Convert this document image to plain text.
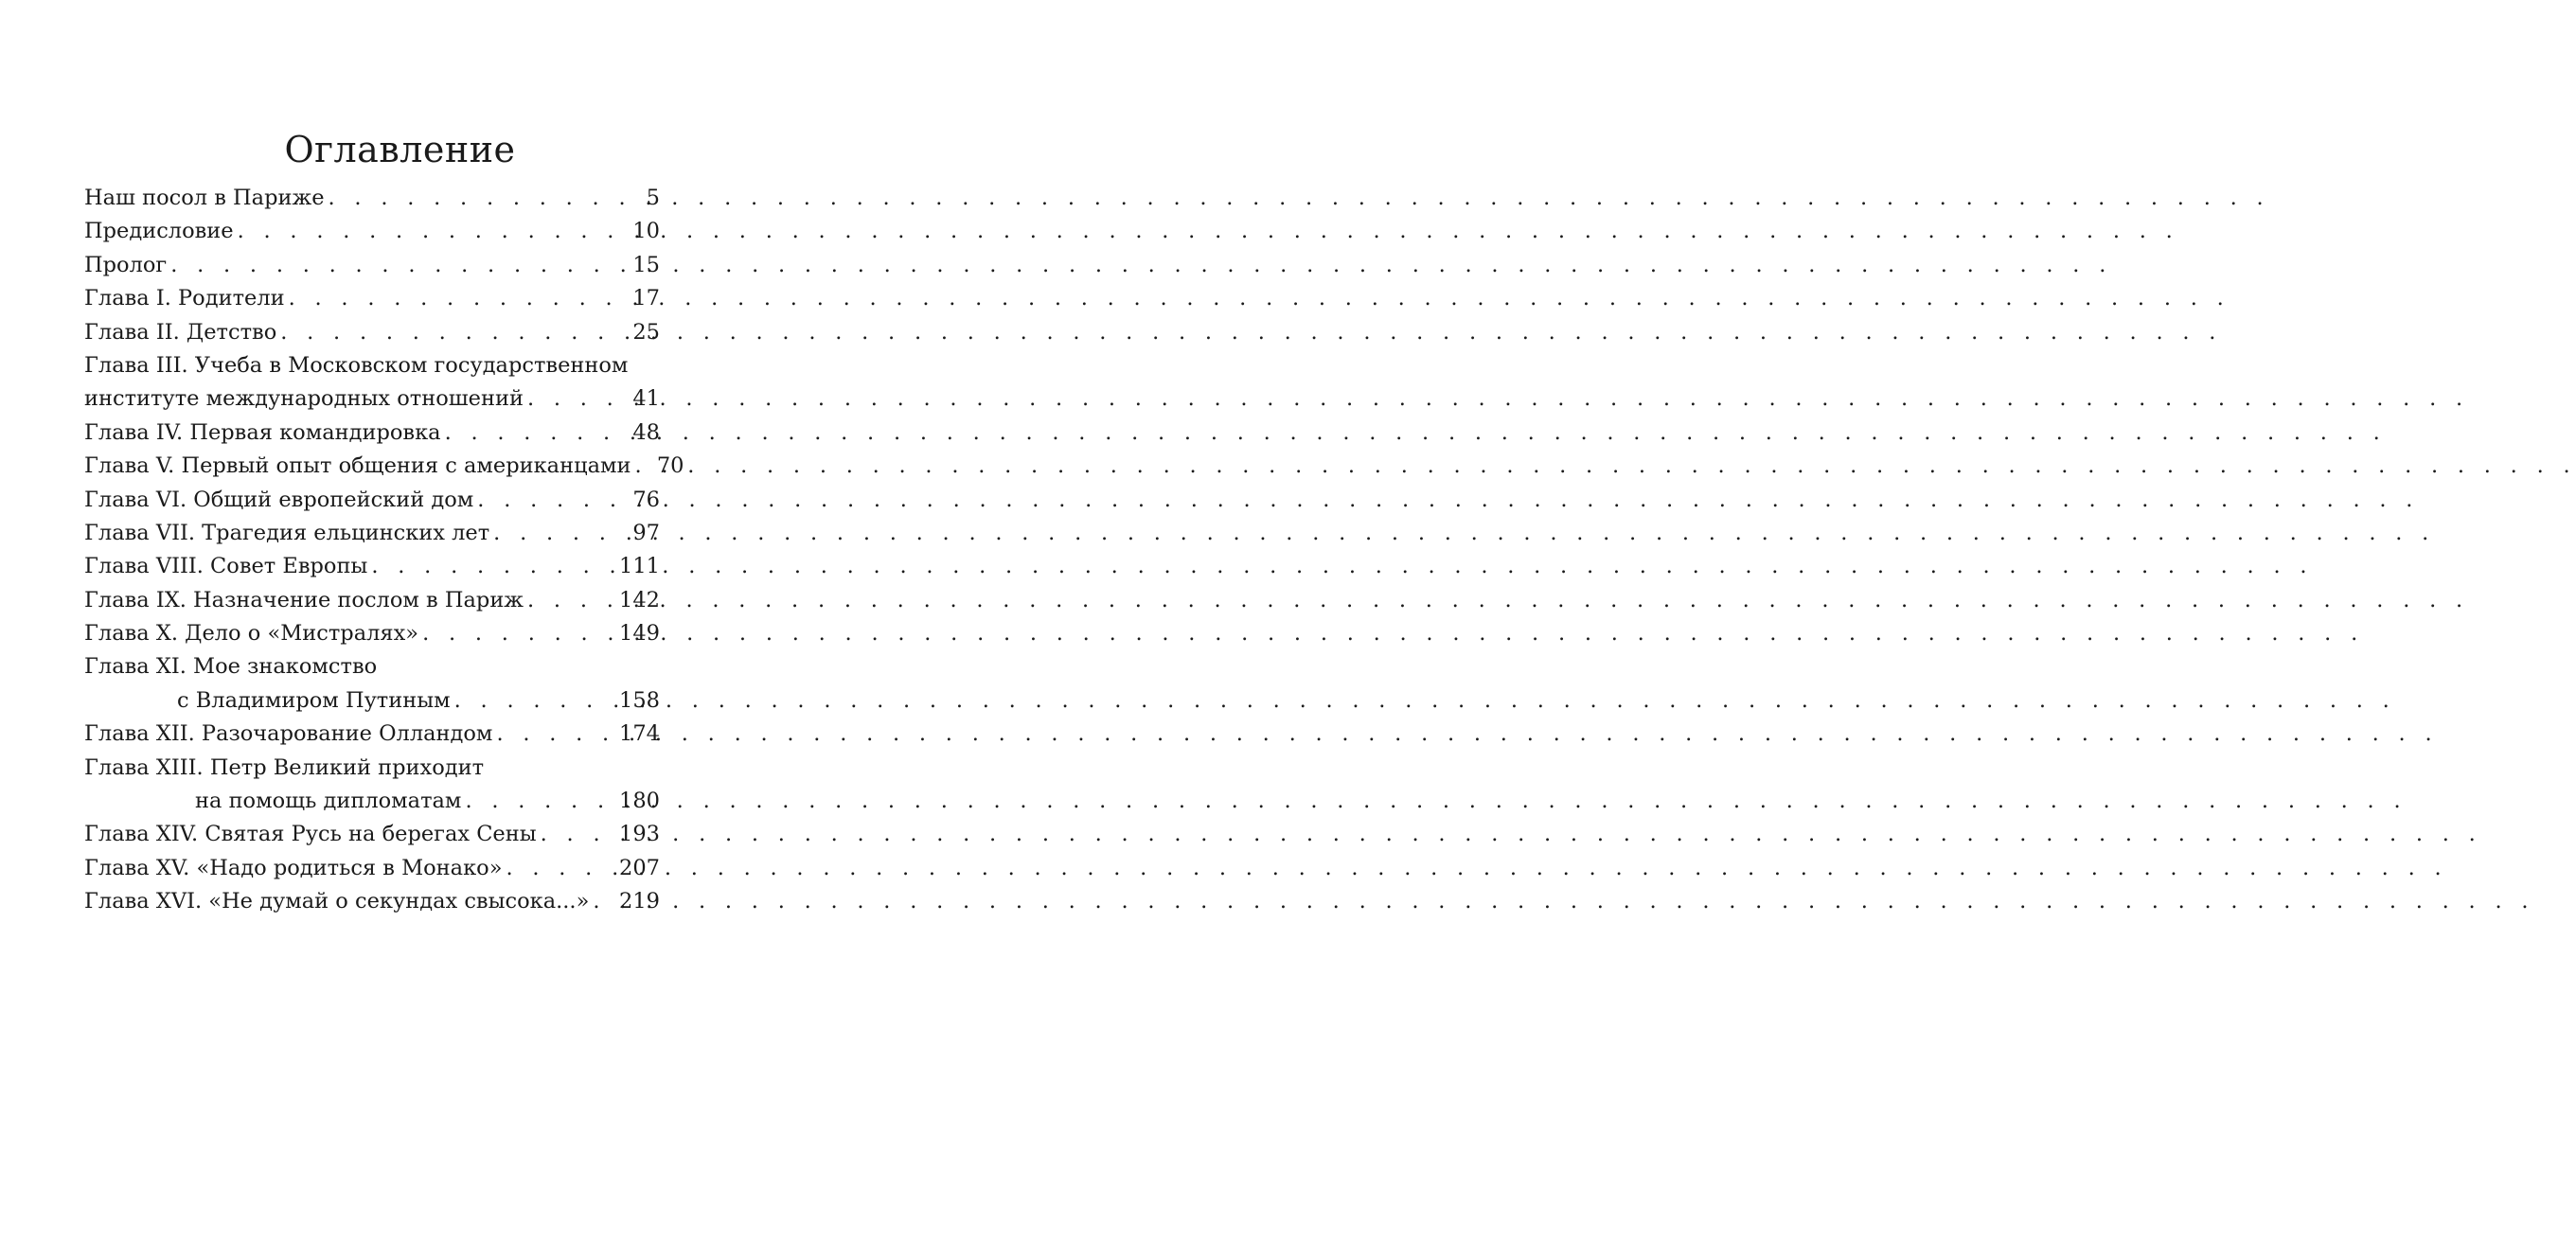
Оглавление
Наш посол в Париже . . .	5
Предисловие . . .	10
Пролог . . .	15
Глава I. Родители . . .	17
Глава II. Детство . . .	25
Глава III. Учеба в Московском государственном
институте международных отношений . . .	41
Глава IV. Первая командировка . . .	48
Глава V. Первый опыт общения с американцами . . .	70
Глава VI. Общий европейский дом . . .	76
Глава VII. Трагедия ельцинских лет . . .	97
Глава VIII. Совет Европы . . .	111
Глава IX. Назначение послом в Париж . . .	142
Глава X. Дело о «Мистралях» . . .	149
Глава XI. Мое знакомство
с Владимиром Путиным . . .	158
Глава XII. Разочарование Олландом . . .	174
Глава XIII. Петр Великий приходит
на помощь дипломатам . . .	180
Глава XIV. Святая Русь на берегах Сены . . .	193
Глава XV. «Надо родиться в Монако» . . .	207
Глава XVI. «Не думай о секундах свысока...» . . . 219
